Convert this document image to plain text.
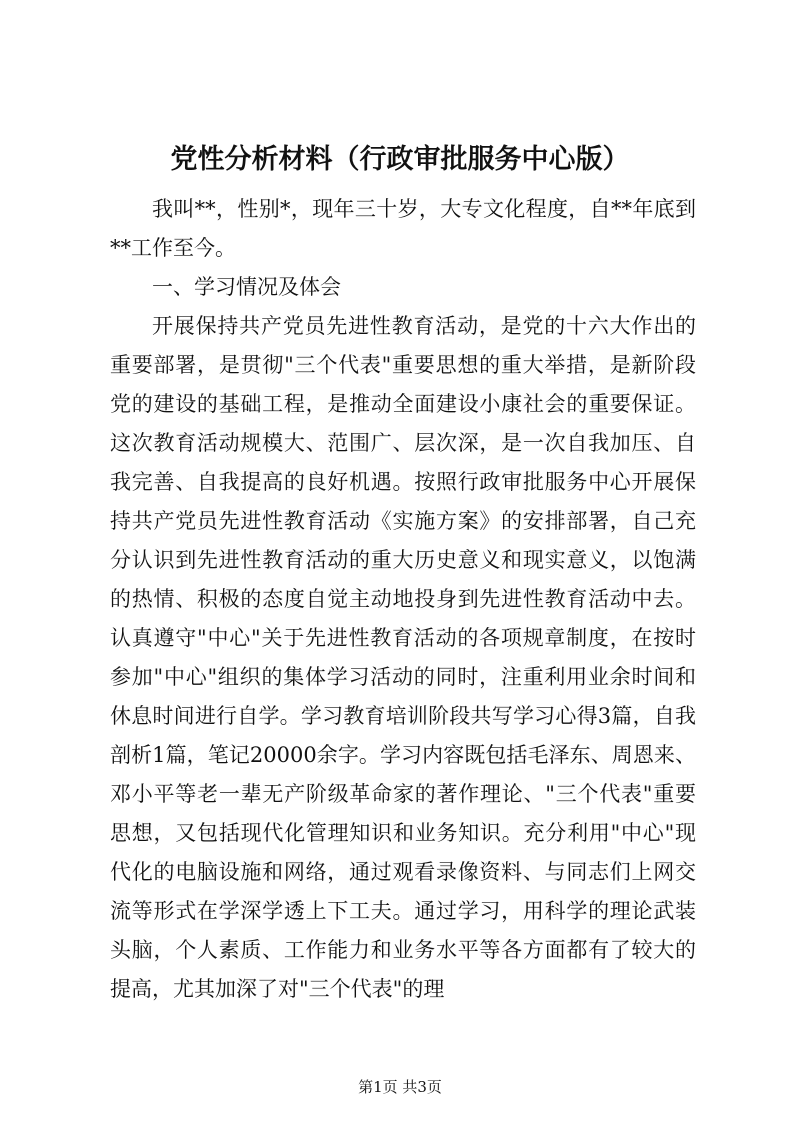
党性分析材料（行政审批服务中心版）

我叫**，性别*，现年三十岁，大专文化程度，自**年底到**工作至今。

一、学习情况及体会

开展保持共产党员先进性教育活动，是党的十六大作出的重要部署，是贯彻"三个代表"重要思想的重大举措，是新阶段党的建设的基础工程，是推动全面建设小康社会的重要保证。这次教育活动规模大、范围广、层次深，是一次自我加压、自我完善、自我提高的良好机遇。按照行政审批服务中心开展保持共产党员先进性教育活动《实施方案》的安排部署，自己充分认识到先进性教育活动的重大历史意义和现实意义，以饱满的热情、积极的态度自觉主动地投身到先进性教育活动中去。认真遵守"中心"关于先进性教育活动的各项规章制度，在按时参加"中心"组织的集体学习活动的同时，注重利用业余时间和休息时间进行自学。学习教育培训阶段共写学习心得3篇，自我剖析1篇，笔记20000余字。学习内容既包括毛泽东、周恩来、邓小平等老一辈无产阶级革命家的著作理论、"三个代表"重要思想，又包括现代化管理知识和业务知识。充分利用"中心"现代化的电脑设施和网络，通过观看录像资料、与同志们上网交流等形式在学深学透上下工夫。通过学习，用科学的理论武装头脑，个人素质、工作能力和业务水平等各方面都有了较大的提高，尤其加深了对"三个代表"的理

第1页 共3页
